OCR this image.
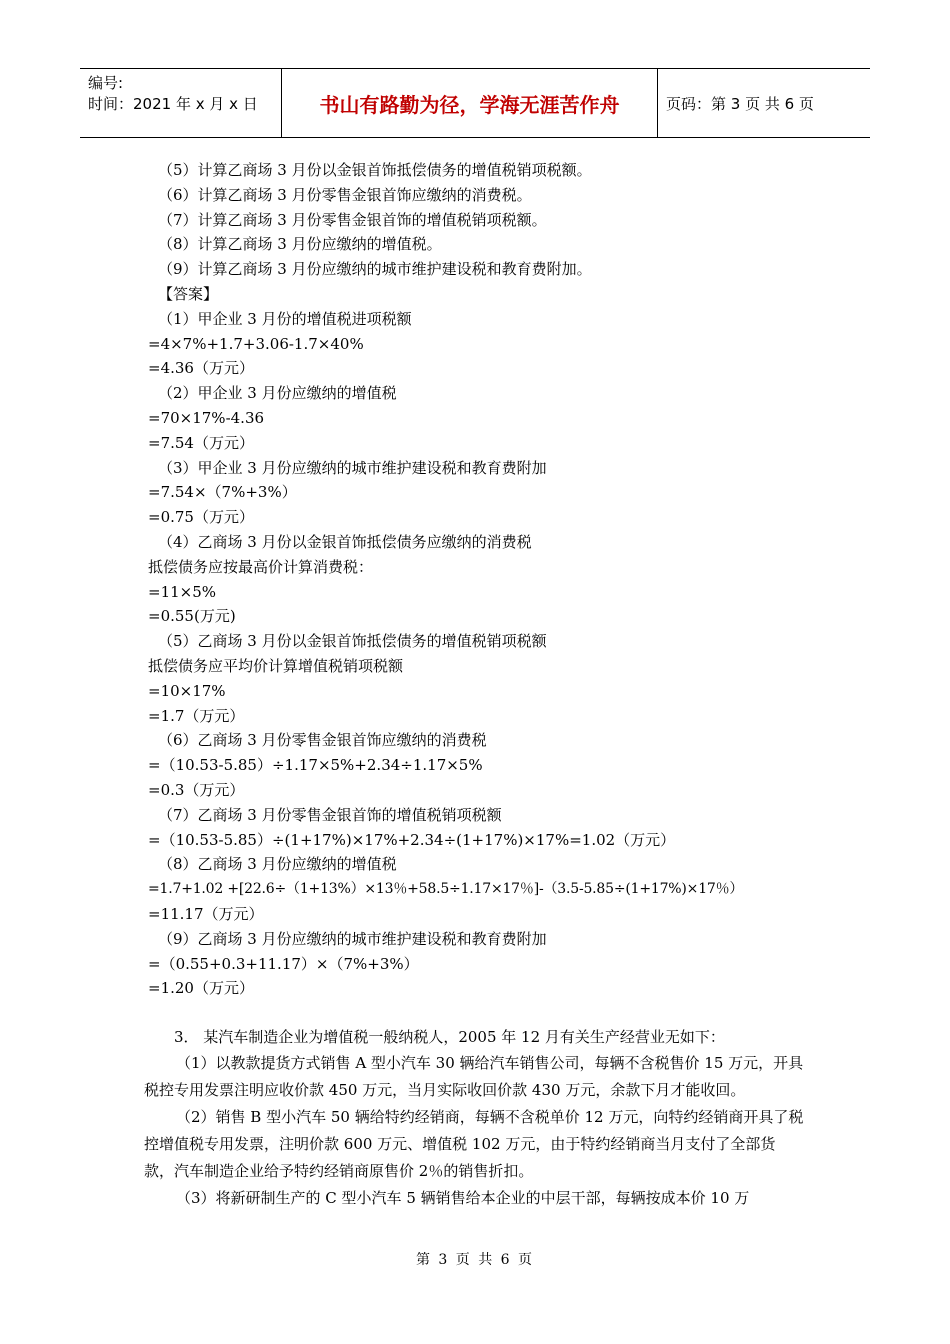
编号:
时间：2021 年 x 月 x 日	书山有路勤为径，学海无涯苦作舟	页码：第 3 页 共 6 页
（5）计算乙商场 3 月份以金银首饰抵偿债务的增值税销项税额。
（6）计算乙商场 3 月份零售金银首饰应缴纳的消费税。
（7）计算乙商场 3 月份零售金银首饰的增值税销项税额。
（8）计算乙商场 3 月份应缴纳的增值税。
（9）计算乙商场 3 月份应缴纳的城市维护建设税和教育费附加。
【答案】
（1）甲企业 3 月份的增值税进项税额
=4×7%+1.7+3.06-1.7×40%
=4.36（万元）
（2）甲企业 3 月份应缴纳的增值税
=70×17%-4.36
=7.54（万元）
（3）甲企业 3 月份应缴纳的城市维护建设税和教育费附加
=7.54×（7%+3%）
=0.75（万元）
（4）乙商场 3 月份以金银首饰抵偿债务应缴纳的消费税
抵偿债务应按最高价计算消费税：
=11×5%
=0.55(万元)
（5）乙商场 3 月份以金银首饰抵偿债务的增值税销项税额
抵偿债务应平均价计算增值税销项税额
=10×17%
=1.7（万元）
（6）乙商场 3 月份零售金银首饰应缴纳的消费税
=（10.53-5.85）÷1.17×5%+2.34÷1.17×5%
=0.3（万元）
（7）乙商场 3 月份零售金银首饰的增值税销项税额
=（10.53-5.85）÷(1+17%)×17%+2.34÷(1+17%)×17%=1.02（万元）
（8）乙商场 3 月份应缴纳的增值税
=1.7+1.02 +[22.6÷（1+13%）×13％+58.5÷1.17×17％]-（3.5-5.85÷(1+17%)×17％）
=11.17（万元）
（9）乙商场 3 月份应缴纳的城市维护建设税和教育费附加
=（0.55+0.3+11.17）×（7%+3%）
=1.20（万元）
3． 某汽车制造企业为增值税一般纳税人，2005 年 12 月有关生产经营业无如下：
（1）以教款提货方式销售 A 型小汽车 30 辆给汽车销售公司，每辆不含税售价 15 万元，开具税控专用发票注明应收价款 450 万元，当月实际收回价款 430 万元，余款下月才能收回。
（2）销售 B 型小汽车 50 辆给特约经销商，每辆不含税单价 12 万元，向特约经销商开具了税控增值税专用发票，注明价款 600 万元、增值税 102 万元，由于特约经销商当月支付了全部货款，汽车制造企业给予特约经销商原售价 2％的销售折扣。
（3）将新研制生产的 C 型小汽车 5 辆销售给本企业的中层干部，每辆按成本价 10 万
第 3 页 共 6 页
